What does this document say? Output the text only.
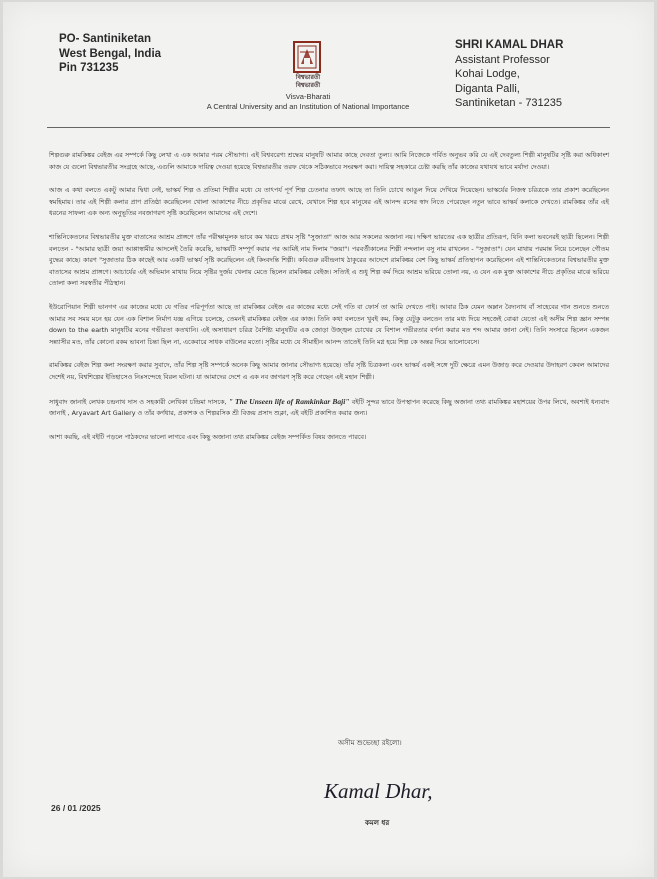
PO- Santiniketan
West Bengal, India
Pin 731235
বিশ্বভারতী
বিশ্বভারতী
Visva-Bharati
A Central University and an Institution of National Importance
SHRI KAMAL DHAR
Assistant Professor
Kohai Lodge,
Diganta Palli,
Santiniketan - 731235

শিল্পগুরু রামকিঙ্কর বেইজ এর সম্পর্কে কিছু লেখা এ এক আমার পরম সৌভাগ্য। এই বিশ্ববরেণ্য শ্রদ্ধেয় মানুষটি আমার কাছে দেবতা তুল্য। আমি নিজেকে গর্বিত অনুভব করি যে এই দেবতুল্য শিল্পী মানুষটির সৃষ্টি করা অধিকাংশ কাজ যে গুলো বিশ্বভারতীর সংগ্রহে আছে, এগুলি আমাকে দায়িত্ব দেওয়া হয়েছে বিশ্বভারতীর তরফ থেকে সঠিকভাবে সংরক্ষণ করা। দায়িত্ব সহকারে চেষ্টা করছি তাঁর কাজের যথাযথ ভাবে মর্যাদা দেওয়া।

আজ এ কথা বলতে একটু আমার দ্বিধা নেই, ভাস্কর্য শিল্প ও প্রতিমা শিল্পীর মধ্যে যে তাৎপর্য পূর্ণ শিল্প চেতনার তফাৎ আছে তা তিনি চোখে আঙুল দিয়ে দেখিয়ে দিয়েছেন। ভাস্কর্যের নিজস্ব চরিত্রকে তার প্রকাশ করেছিলেন স্বমহিমায়। তার এই শিল্পী কলার প্রাণ প্রতিষ্ঠা করেছিলেন খোলা আকাশের নীচে প্রকৃতির মাঝে রেখে, যেখানে শিল্প হবে মানুষের এই আনন্দ রসের স্বাদ নিতে পেরেছেন নতুন ভাবে ভাস্কর্য কলাকে দেখতে। রামকিঙ্কর তাঁর এই ধরনের সাফল্য এক অন্য অনুভূতির নবজাগরণ সৃষ্টি করেছিলেন আমাদের এই দেশে।

শান্তিনিকেতনের বিশ্বভারতীর মুক্ত বাতাসের আশ্রম প্রাঙ্গণে তাঁর পরীক্ষামূলক ভাবে কম খরচে প্রথম সৃষ্টি "সুজাতা" আজ আর সকলের অজানা নয়। দক্ষিণ ভারতের এক ছাত্রীর প্রতিরূপ, যিনি কলা ভবনেরই ছাত্রী ছিলেন। শিল্পী বলতেন - "আমার ছাত্রী জয়া আপ্পাস্বামীর আদলেই তৈরি করেছি, ভাস্কর্যটি সম্পূর্ণ করার পর আমিই নাম দিলাম "জয়া"। পরবর্তীকালের শিল্পী নন্দলাল বসু নাম রাখলেন - "সুজাতা"। যেন মাথায় পরমান্ন নিয়ে চলেছেন গৌতম বুদ্ধের কাছে। কারণ "সুজাতার ঠিক কাছেই আর একটি ভাস্কর্য সৃষ্টি করেছিলেন এই কিংবদন্তি শিল্পী। কবিগুরু রবীন্দ্রনাথ ঠাকুরের আদেশে রামকিঙ্কর বেশ কিছু ভাস্কর্য প্রতিস্থাপন করেছিলেন এই শান্তিনিকেতনের বিশ্বভারতীর মুক্ত বাতাসের আশ্রম প্রাঙ্গণে। আচার্যের এই অভিমান মাথায় নিয়ে সৃষ্টির দুর্জয় খেলায় মেতে ছিলেন রামকিঙ্কর বেইজ। সত্যিই এ শুধু শিল্প কর্ম দিয়ে আশ্রম ভরিয়ে তোলা নয়, এ যেন এক মুক্ত আকাশের নীচে প্রকৃতির মাঝে ভরিয়ে তোলা কলা সরস্বতীর পীঠস্থান।

ইউরোপিয়ান শিল্পী ভানগগ এর কাজের মধ্যে যে গতির পরিপূর্ণতা আছে তা রামকিঙ্কর বেইজ এর কাজের মধ্যে সেই গতি বা ফোর্স তা আমি দেখতে পাই। আবার ঠিক যেমন অম্লান বৈদ্যনাথ বাঁ সাহেবের গান শুনতে শুনতে আমার সব সময় মনে হয় যেন এক বিশাল নির্মাণ যজ্ঞ এগিয়ে চলেছে, তেমনই রামকিঙ্কর বেইজ এর কাজ। তিনি কথা বলতেন খুবই কম, কিন্তু যেটুকু বলতেন তার মধ্য দিয়ে সহজেই বোঝা যেতো এই অসীম শিল্প জ্ঞান সম্পন্ন down to the earth মানুষটির মনের গভীরতা কতখানি। এই অসাধারণ চরিত্র বৈশিষ্ট্য মানুষটির এক জোড়া উজ্জ্বল চোখের যে বিশাল গভীরতার বর্ণনা করার মত শব্দ আমার জানা নেই। তিনি সংসারে ছিলেন একজন সন্ন্যাসীর মত, তাঁর কোনো রকম ভাবনা চিন্তা ছিল না, একেবারে সাধক বাউলের মতো। সৃষ্টির মধ্যে যে সীমাহীন আনন্দ তাতেই তিনি মগ্ন হয়ে শিল্প কে অন্তর দিয়ে ভালোবেসে।

রামকিঙ্কর বেইজ শিল্প কলা সংরক্ষণ করার সুবাদে, তাঁর শিল্প সৃষ্টি সম্পর্কে অনেক কিছু আমার জানার সৌভাগ্য হয়েছে। তাঁর সৃষ্টি চিত্রকলা এবং ভাস্কর্য একই সঙ্গে দুটি ক্ষেত্রে এমন উজাড় করে দেওয়ার উদাহরণ কেবল আমাদের দেশেই নয়, বিশ্বশিল্পের ইতিহাসেও নিঃসন্দেহে বিরল ঘটনা। যা আমাদের দেশে এ এক নব জাগরণ সৃষ্টি করে গেছেন এই মহান শিল্পী।

সাধুবাদ জানাই লেখক চন্দ্রনাথ দাস ও সহকারী লেখিকা চন্দ্রিমা দাসকে, " The Unseen life of Ramkinkar Baji" বইটি সুন্দর ভাবে উপস্থাপন করেছে কিছু অজানা তথ্য রামকিঙ্কর মহাশয়ের উপর লিখে, অবশ্যই ধন্যবাদ জানাই , Aryavart Art Gallery ও তাঁর কর্ণধার, প্রকাশক ও শিল্পরসিক শ্রী বিজয় প্রসাদ শুক্লা, এই বইটি প্রকাশিত করার জন্য।

আশা করছি, এই বইটি পড়লে পাঠকদের ভালো লাগবে এবং কিছু অজানা তথ্য রামকিঙ্কর বেইজ সম্পর্কিত বিষয় জানতে পারবে।

অসীম শুভেচ্ছা রইলো।
Kamal Dhar,
কমল ধর
26 / 01 /2025
